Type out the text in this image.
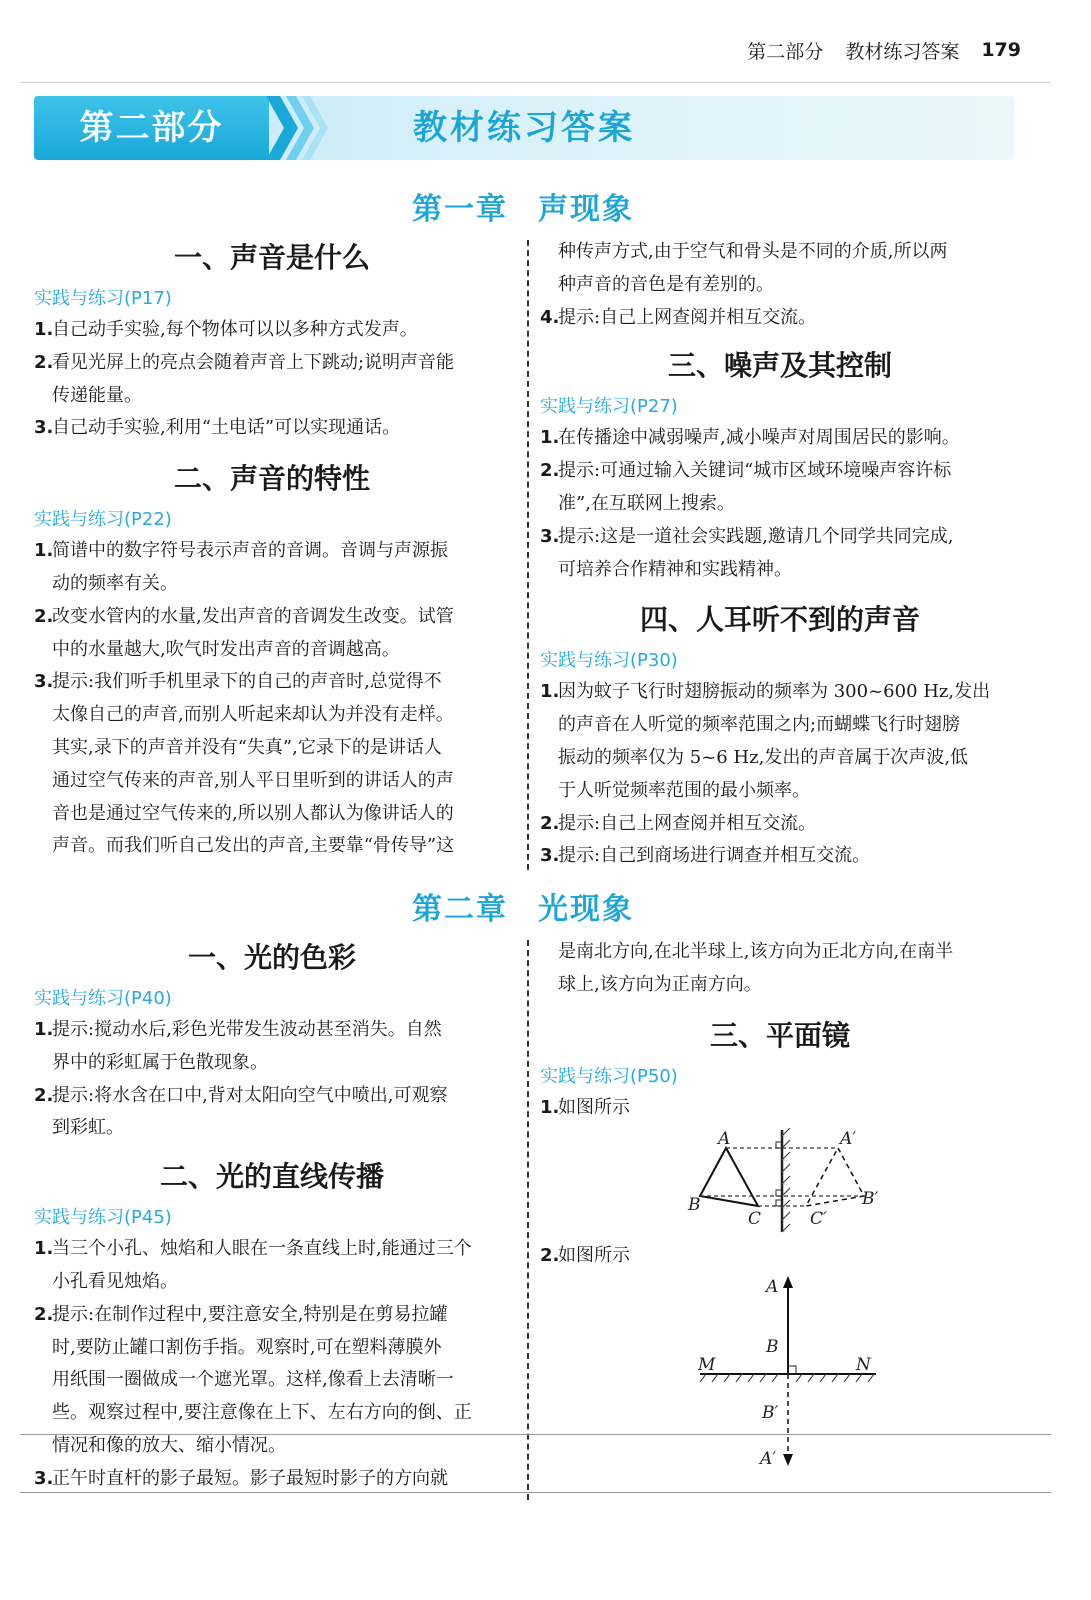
第二部分 教材练习答案 179
第二部分	教材练习答案
第一章 声现象
一、声音是什么

实践与练习(P17)

1.
自己动手实验,每个物体可以以多种方式发声。

2.
看见光屏上的亮点会随着声音上下跳动;说明声音能

传递能量。

3.
自己动手实验,利用“土电话”可以实现通话。

二、声音的特性

实践与练习(P22)

1.
简谱中的数字符号表示声音的音调。音调与声源振

动的频率有关。

2.
改变水管内的水量,发出声音的音调发生改变。试管

中的水量越大,吹气时发出声音的音调越高。

3.
提示:我们听手机里录下的自己的声音时,总觉得不

太像自己的声音,而别人听起来却认为并没有走样。

其实,录下的声音并没有“失真”,它录下的是讲话人

通过空气传来的声音,别人平日里听到的讲话人的声

音也是通过空气传来的,所以别人都认为像讲话人的

声音。而我们听自己发出的声音,主要靠“骨传导”这

种传声方式,由于空气和骨头是不同的介质,所以两

种声音的音色是有差别的。

4.
提示:自己上网查阅并相互交流。

三、噪声及其控制

实践与练习(P27)

1.
在传播途中减弱噪声,减小噪声对周围居民的影响。

2.
提示:可通过输入关键词“城市区域环境噪声容许标

准”,在互联网上搜索。

3.
提示:这是一道社会实践题,邀请几个同学共同完成,

可培养合作精神和实践精神。

四、人耳听不到的声音

实践与练习(P30)

1.
因为蚊子飞行时翅膀振动的频率为 300~600 Hz,发出

的声音在人听觉的频率范围之内;而蝴蝶飞行时翅膀

振动的频率仅为 5~6 Hz,发出的声音属于次声波,低

于人听觉频率范围的最小频率。

2.
提示:自己上网查阅并相互交流。

3.
提示:自己到商场进行调查并相互交流。

第二章 光现象
一、光的色彩

实践与练习(P40)

1.
提示:搅动水后,彩色光带发生波动甚至消失。自然

界中的彩虹属于色散现象。

2.
提示:将水含在口中,背对太阳向空气中喷出,可观察

到彩虹。

二、光的直线传播

实践与练习(P45)

1.
当三个小孔、烛焰和人眼在一条直线上时,能通过三个

小孔看见烛焰。

2.
提示:在制作过程中,要注意安全,特别是在剪易拉罐

时,要防止罐口割伤手指。观察时,可在塑料薄膜外

用纸围一圈做成一个遮光罩。这样,像看上去清晰一

些。观察过程中,要注意像在上下、左右方向的倒、正

情况和像的放大、缩小情况。

3.
正午时直杆的影子最短。影子最短时影子的方向就

是南北方向,在北半球上,该方向为正北方向,在南半

球上,该方向为正南方向。

三、平面镜

实践与练习(P50)

1.
如图所示

A
B
C
A′
B′
C′

2.
如图所示

A
B
M	N
B′
A′
